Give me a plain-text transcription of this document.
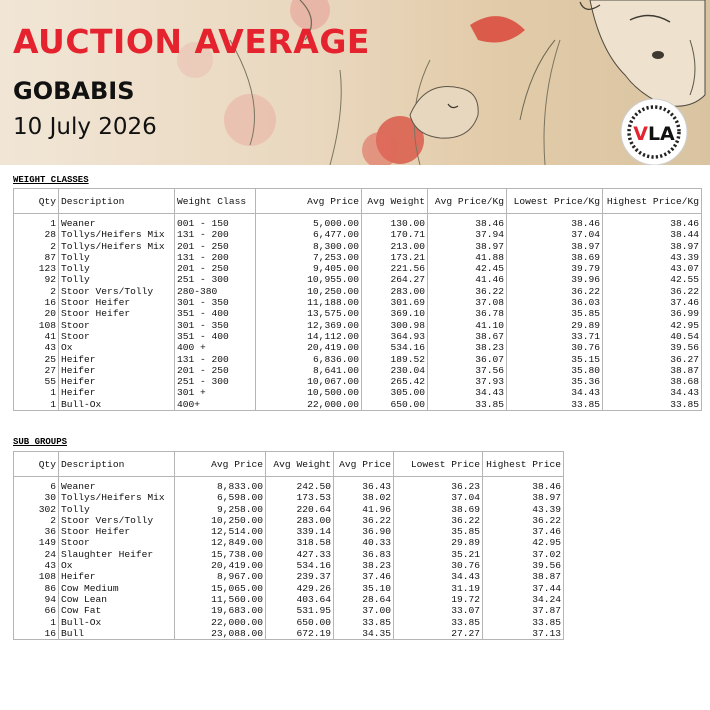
AUCTION AVERAGE
GOBABIS
10 July 2026	VLA
WEIGHT CLASSES
Qty	Description	Weight Class	Avg Price	Avg Weight	Avg Price/Kg	Lowest Price/Kg	Highest Price/Kg
1	Weaner	001 - 150	5,000.00	130.00	38.46	38.46	38.46
28	Tollys/Heifers Mix	131 - 200	6,477.00	170.71	37.94	37.04	38.44
2	Tollys/Heifers Mix	201 - 250	8,300.00	213.00	38.97	38.97	38.97
87	Tolly	131 - 200	7,253.00	173.21	41.88	38.69	43.39
123	Tolly	201 - 250	9,405.00	221.56	42.45	39.79	43.07
92	Tolly	251 - 300	10,955.00	264.27	41.46	39.96	42.55
2	Stoor Vers/Tolly	280-380	10,250.00	283.00	36.22	36.22	36.22
16	Stoor Heifer	301 - 350	11,188.00	301.69	37.08	36.03	37.46
20	Stoor Heifer	351 - 400	13,575.00	369.10	36.78	35.85	36.99
108	Stoor	301 - 350	12,369.00	300.98	41.10	29.89	42.95
41	Stoor	351 - 400	14,112.00	364.93	38.67	33.71	40.54
43	Ox	400 +	20,419.00	534.16	38.23	30.76	39.56
25	Heifer	131 - 200	6,836.00	189.52	36.07	35.15	36.27
27	Heifer	201 - 250	8,641.00	230.04	37.56	35.80	38.87
55	Heifer	251 - 300	10,067.00	265.42	37.93	35.36	38.68
1	Heifer	301 +	10,500.00	305.00	34.43	34.43	34.43
1	Bull-Ox	400+	22,000.00	650.00	33.85	33.85	33.85
SUB GROUPS
Qty	Description	Avg Price	Avg Weight	Avg Price	Lowest Price	Highest Price
6	Weaner	8,833.00	242.50	36.43	36.23	38.46
30	Tollys/Heifers Mix	6,598.00	173.53	38.02	37.04	38.97
302	Tolly	9,258.00	220.64	41.96	38.69	43.39
2	Stoor Vers/Tolly	10,250.00	283.00	36.22	36.22	36.22
36	Stoor Heifer	12,514.00	339.14	36.90	35.85	37.46
149	Stoor	12,849.00	318.58	40.33	29.89	42.95
24	Slaughter Heifer	15,738.00	427.33	36.83	35.21	37.02
43	Ox	20,419.00	534.16	38.23	30.76	39.56
108	Heifer	8,967.00	239.37	37.46	34.43	38.87
86	Cow Medium	15,065.00	429.26	35.10	31.19	37.44
94	Cow Lean	11,560.00	403.64	28.64	19.72	34.24
66	Cow Fat	19,683.00	531.95	37.00	33.07	37.87
1	Bull-Ox	22,000.00	650.00	33.85	33.85	33.85
16	Bull	23,088.00	672.19	34.35	27.27	37.13
